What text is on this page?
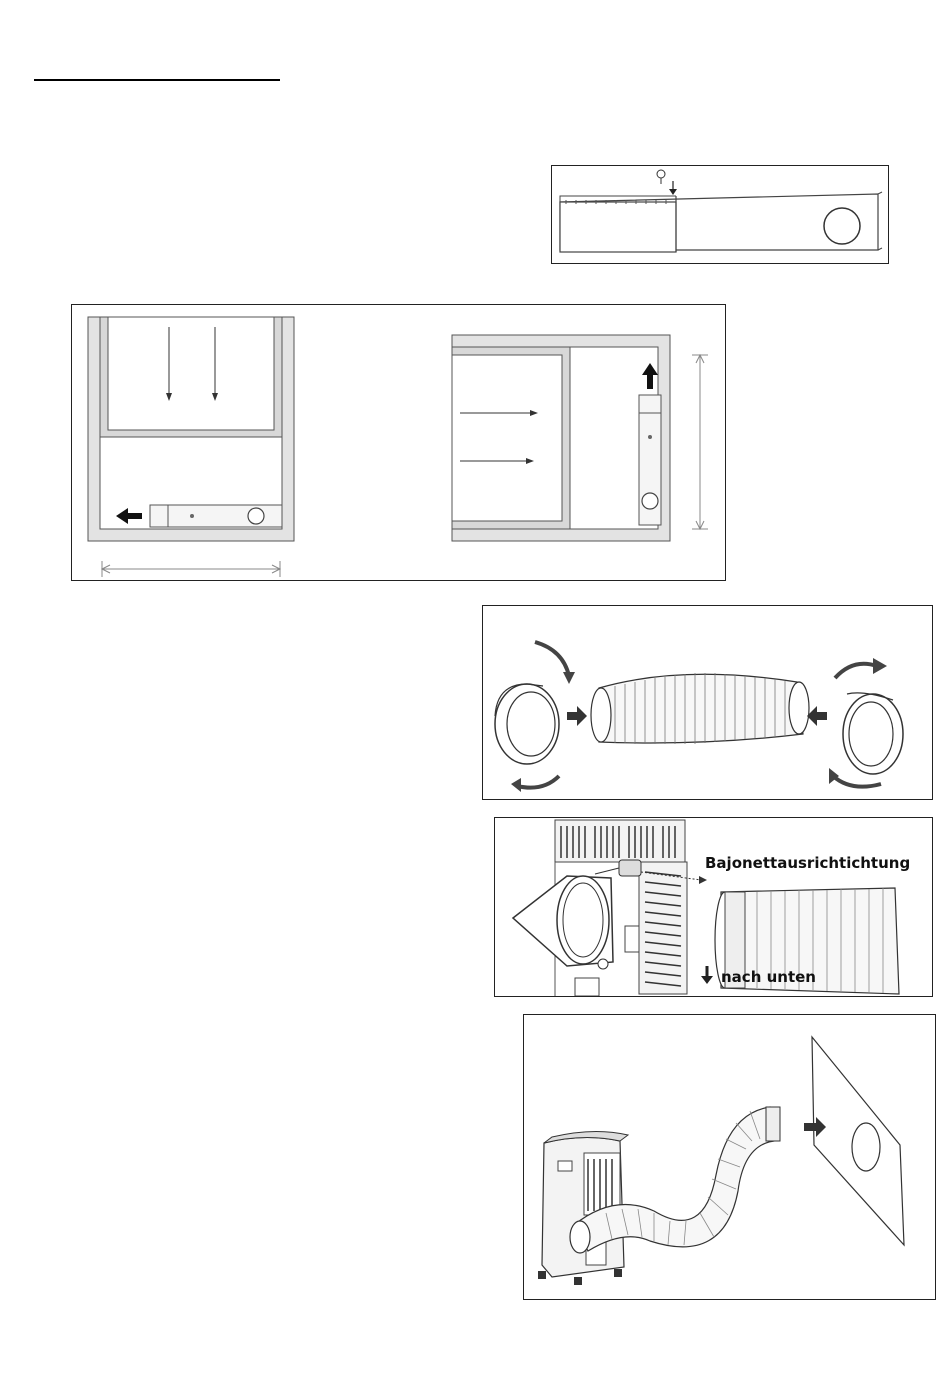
Bajonettausrichtichtung
nach unten
